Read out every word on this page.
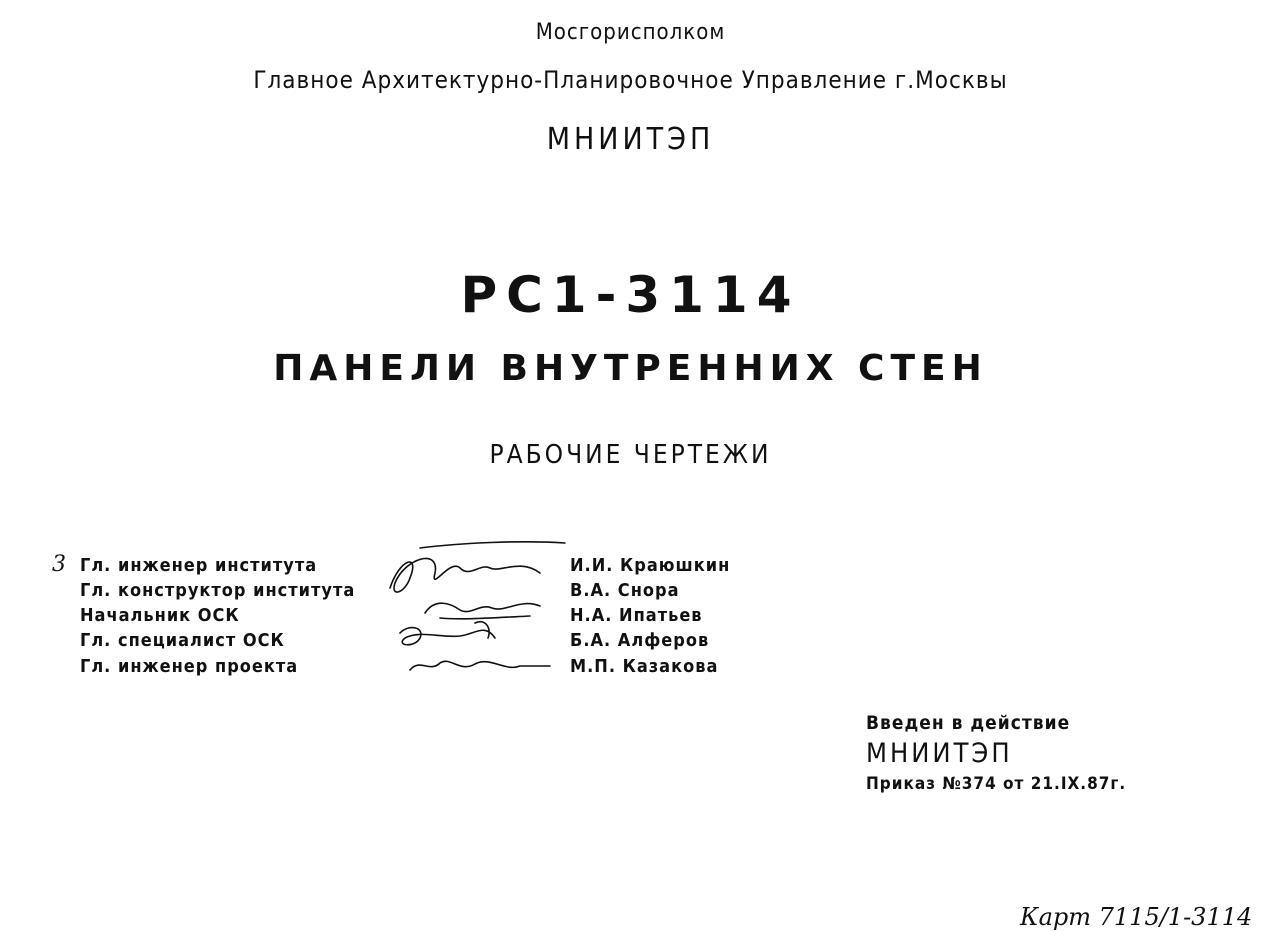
Мосгорисполком
Главное Архитектурно-Планировочное Управление г.Москвы
МНИИТЭП
РС1-3114
ПАНЕЛИ ВНУТРЕННИХ СТЕН
РАБОЧИЕ ЧЕРТЕЖИ
3 Гл. инженер института
Гл. конструктор института
Начальник ОСК
Гл. специалист ОСК
Гл. инженер проекта
И.И. Краюшкин
В.А. Снора
Н.А. Ипатьев
Б.А. Алферов
М.П. Казакова
Введен в действие
МНИИТЭП
Приказ №374 от 21.IX.87г.
Карт 7115/1-3114
